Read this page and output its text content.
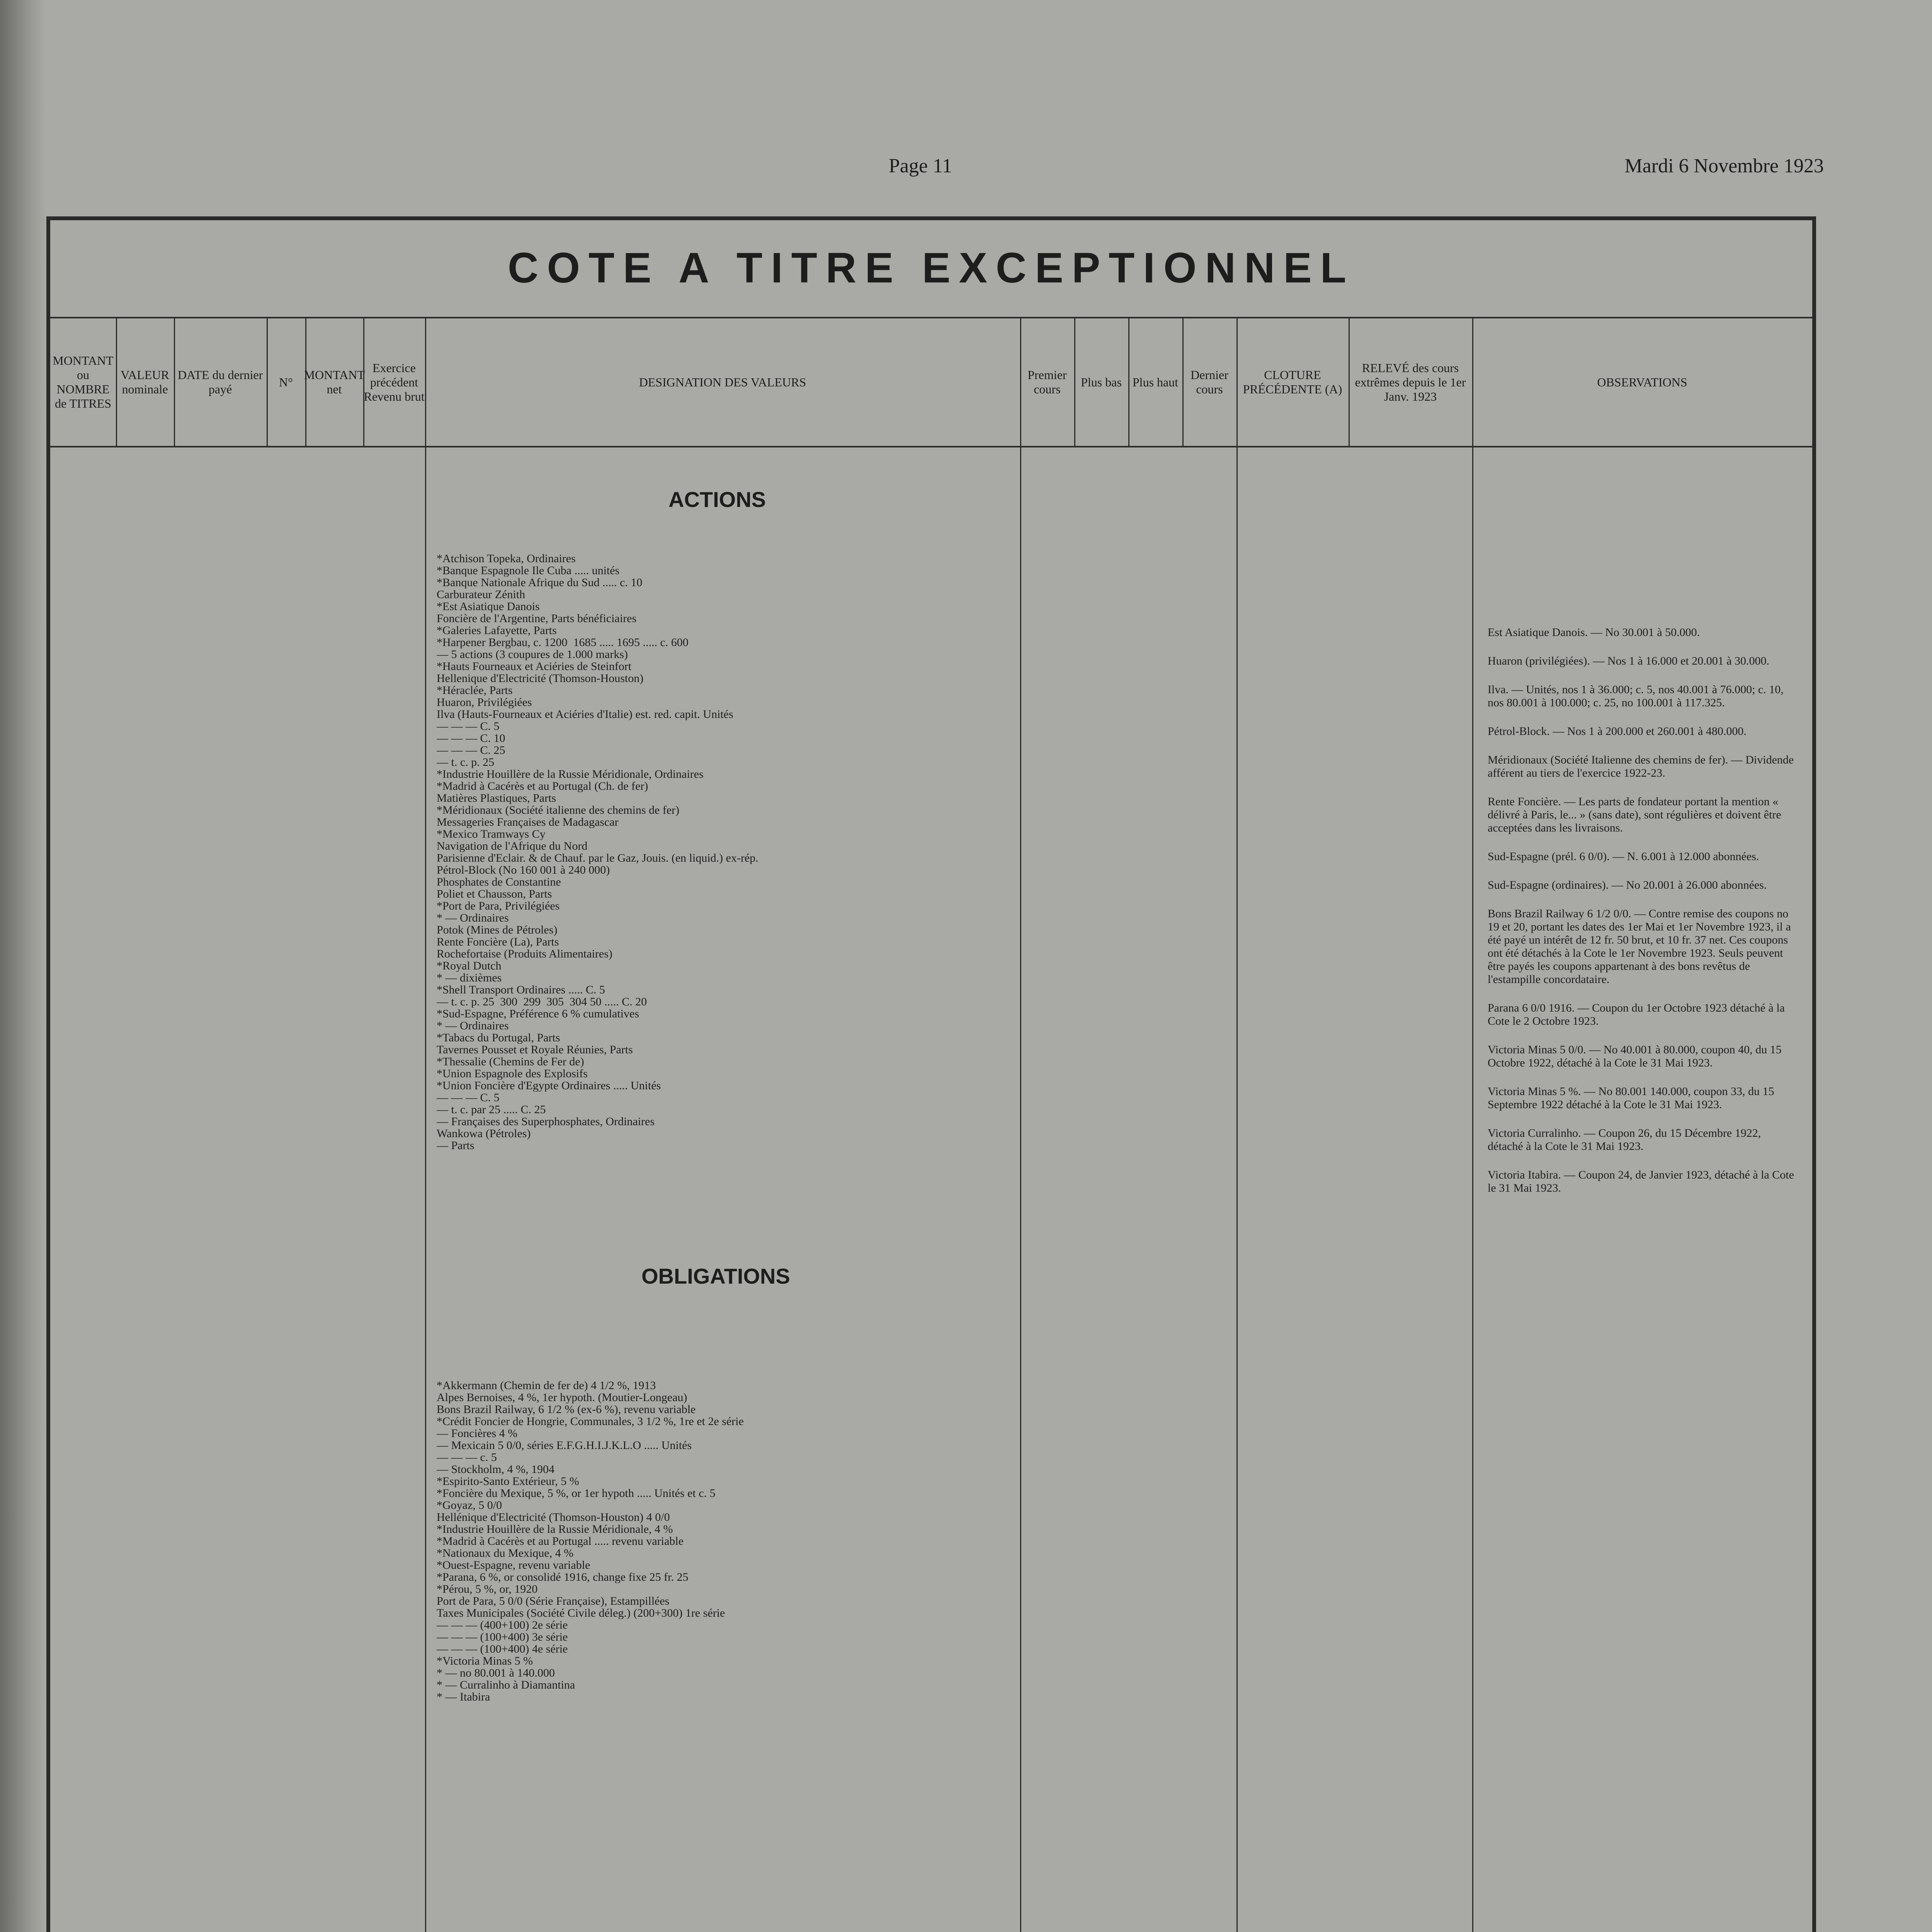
Page 11	Mardi 6 Novembre 1923
COTE A TITRE EXCEPTIONNEL
MONTANT ou NOMBRE de TITRES
VALEUR nominale
DATE du dernier payé
N°
MONTANT net
Exercice précédent Revenu brut
DESIGNATION DES VALEURS
Premier cours
Plus bas Plus haut
Dernier cours
CLOTURE PRÉCÉDENTE (A)
RELEVÉ des cours extrêmes depuis le 1er Janv. 1923
OBSERVATIONS
ACTIONS
*Atchison Topeka, Ordinaires
*Banque Espagnole Ile Cuba ..... unités
*Banque Nationale Afrique du Sud ..... c. 10
Carburateur Zénith
*Est Asiatique Danois
Foncière de l'Argentine, Parts bénéficiaires
*Galeries Lafayette, Parts
*Harpener Bergbau, c. 1200  1685 ..... 1695 ..... c. 600
— 5 actions (3 coupures de 1.000 marks)
*Hauts Fourneaux et Aciéries de Steinfort
Hellenique d'Electricité (Thomson-Houston)
*Héraclée, Parts
Huaron, Privilégiées
Ilva (Hauts-Fourneaux et Aciéries d'Italie) est. red. capit. Unités
— — — C. 5
— — — C. 10
— — — C. 25
— t. c. p. 25
*Industrie Houillère de la Russie Méridionale, Ordinaires
*Madrid à Cacérès et au Portugal (Ch. de fer)
Matières Plastiques, Parts
*Méridionaux (Société italienne des chemins de fer)
Messageries Françaises de Madagascar
*Mexico Tramways Cy
Navigation de l'Afrique du Nord
Parisienne d'Eclair. & de Chauf. par le Gaz, Jouis. (en liquid.) ex-rép.
Pétrol-Block (No 160 001 à 240 000)
Phosphates de Constantine
Poliet et Chausson, Parts
*Port de Para, Privilégiées
* — Ordinaires
Potok (Mines de Pétroles)
Rente Foncière (La), Parts
Rochefortaise (Produits Alimentaires)
*Royal Dutch
* — dixièmes
*Shell Transport Ordinaires ..... C. 5
— t. c. p. 25  300  299  305  304 50 ..... C. 20
*Sud-Espagne, Préférence 6 % cumulatives
* — Ordinaires
*Tabacs du Portugal, Parts
Tavernes Pousset et Royale Réunies, Parts
*Thessalie (Chemins de Fer de)
*Union Espagnole des Explosifs
*Union Foncière d'Egypte Ordinaires ..... Unités
— — — C. 5
— t. c. par 25 ..... C. 25
— Françaises des Superphosphates, Ordinaires
Wankowa (Pétroles)
— Parts
OBLIGATIONS
*Akkermann (Chemin de fer de) 4 1/2 %, 1913
Alpes Bernoises, 4 %, 1er hypoth. (Moutier-Longeau)
Bons Brazil Railway, 6 1/2 % (ex-6 %), revenu variable
*Crédit Foncier de Hongrie, Communales, 3 1/2 %, 1re et 2e série
— Foncières 4 %
— Mexicain 5 0/0, séries E.F.G.H.I.J.K.L.O ..... Unités
— — — c. 5
— Stockholm, 4 %, 1904
*Espirito-Santo Extérieur, 5 %
*Foncière du Mexique, 5 %, or 1er hypoth ..... Unités et c. 5
*Goyaz, 5 0/0
Hellénique d'Electricité (Thomson-Houston) 4 0/0
*Industrie Houillère de la Russie Méridionale, 4 %
*Madrid à Cacérès et au Portugal ..... revenu variable
*Nationaux du Mexique, 4 %
*Ouest-Espagne, revenu variable
*Parana, 6 %, or consolidé 1916, change fixe 25 fr. 25
*Pérou, 5 %, or, 1920
Port de Para, 5 0/0 (Série Française), Estampillées
Taxes Municipales (Société Civile déleg.) (200+300) 1re série
— — — (400+100) 2e série
— — — (100+400) 3e série
— — — (100+400) 4e série
*Victoria Minas 5 %
* — no 80.001 à 140.000
* — Curralinho à Diamantina
* — Itabira

Est Asiatique Danois. — No 30.001 à 50.000.

Huaron (privilégiées). — Nos 1 à 16.000 et 20.001 à 30.000.

Ilva. — Unités, nos 1 à 36.000; c. 5, nos 40.001 à 76.000; c. 10, nos 80.001 à 100.000; c. 25, no 100.001 à 117.325.

Pétrol-Block. — Nos 1 à 200.000 et 260.001 à 480.000.

Méridionaux (Société Italienne des chemins de fer). — Dividende afférent au tiers de l'exercice 1922-23.

Rente Foncière. — Les parts de fondateur portant la mention « délivré à Paris, le... » (sans date), sont régulières et doivent être acceptées dans les livraisons.

Sud-Espagne (prél. 6 0/0). — N. 6.001 à 12.000 abonnées.

Sud-Espagne (ordinaires). — No 20.001 à 26.000 abonnées.

Bons Brazil Railway 6 1/2 0/0. — Contre remise des coupons no 19 et 20, portant les dates des 1er Mai et 1er Novembre 1923, il a été payé un intérêt de 12 fr. 50 brut, et 10 fr. 37 net. Ces coupons ont été détachés à la Cote le 1er Novembre 1923. Seuls peuvent être payés les coupons appartenant à des bons revêtus de l'estampille concordataire.

Parana 6 0/0 1916. — Coupon du 1er Octobre 1923 détaché à la Cote le 2 Octobre 1923.

Victoria Minas 5 0/0. — No 40.001 à 80.000, coupon 40, du 15 Octobre 1922, détaché à la Cote le 31 Mai 1923.

Victoria Minas 5 %. — No 80.001 140.000, coupon 33, du 15 Septembre 1922 détaché à la Cote le 31 Mai 1923.

Victoria Curralinho. — Coupon 26, du 15 Décembre 1922, détaché à la Cote le 31 Mai 1923.

Victoria Itabira. — Coupon 24, de Janvier 1923, détaché à la Cote le 31 Mai 1923.
